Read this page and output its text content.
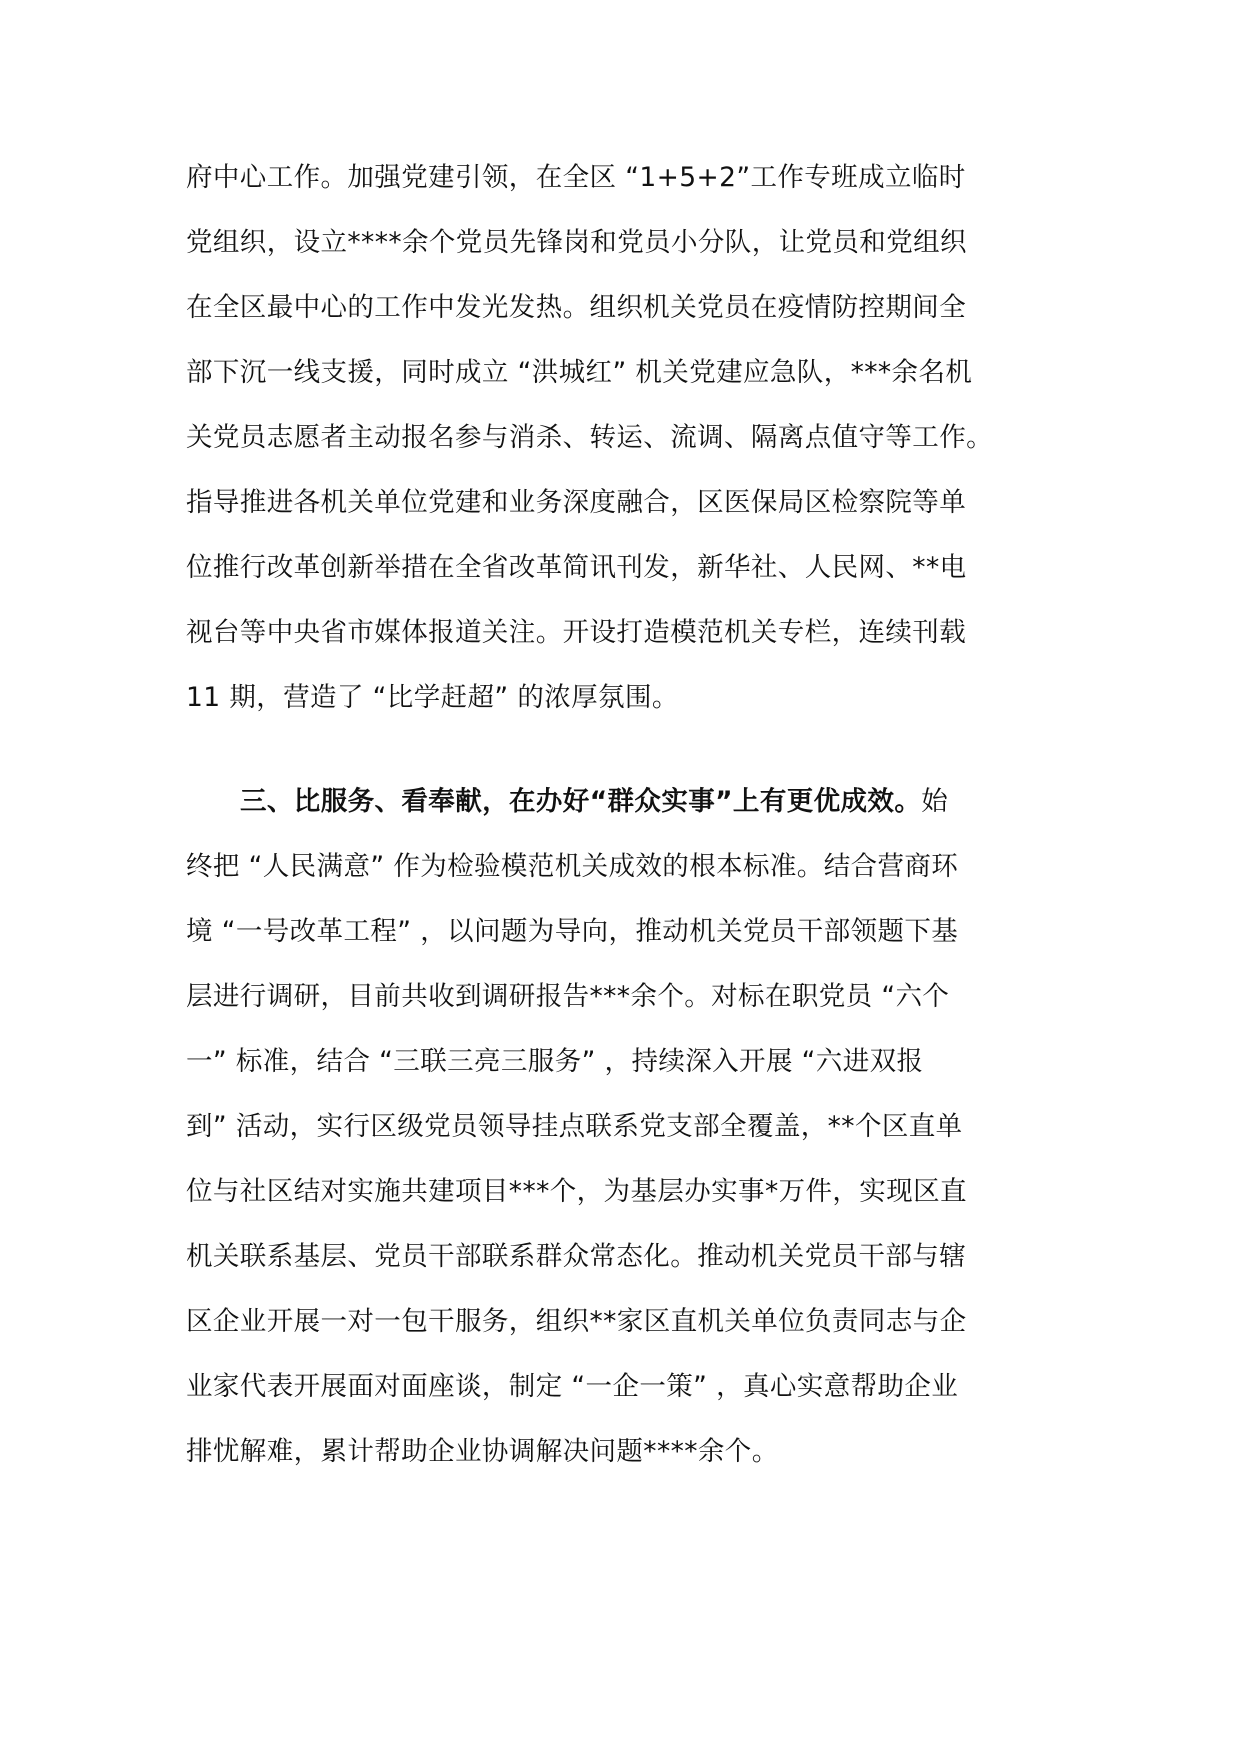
府中心工作。加强党建引领，在全区 “1+5+2”工作专班成立临时
党组织，设立****余个党员先锋岗和党员小分队，让党员和党组织
在全区最中心的工作中发光发热。组织机关党员在疫情防控期间全
部下沉一线支援，同时成立 “洪城红” 机关党建应急队，***余名机
关党员志愿者主动报名参与消杀、转运、流调、隔离点值守等工作。
指导推进各机关单位党建和业务深度融合，区医保局区检察院等单
位推行改革创新举措在全省改革简讯刊发，新华社、人民网、**电
视台等中央省市媒体报道关注。开设打造模范机关专栏，连续刊载
11 期，营造了 “比学赶超” 的浓厚氛围。
三、比服务、看奉献，在办好“群众实事”上有更优成效。始
终把 “人民满意” 作为检验模范机关成效的根本标准。结合营商环
境 “一号改革工程” ，以问题为导向，推动机关党员干部领题下基
层进行调研，目前共收到调研报告***余个。对标在职党员 “六个
一” 标准，结合 “三联三亮三服务” ，持续深入开展 “六进双报
到” 活动，实行区级党员领导挂点联系党支部全覆盖，**个区直单
位与社区结对实施共建项目***个，为基层办实事*万件，实现区直
机关联系基层、党员干部联系群众常态化。推动机关党员干部与辖
区企业开展一对一包干服务，组织**家区直机关单位负责同志与企
业家代表开展面对面座谈，制定 “一企一策” ，真心实意帮助企业
排忧解难，累计帮助企业协调解决问题****余个。
